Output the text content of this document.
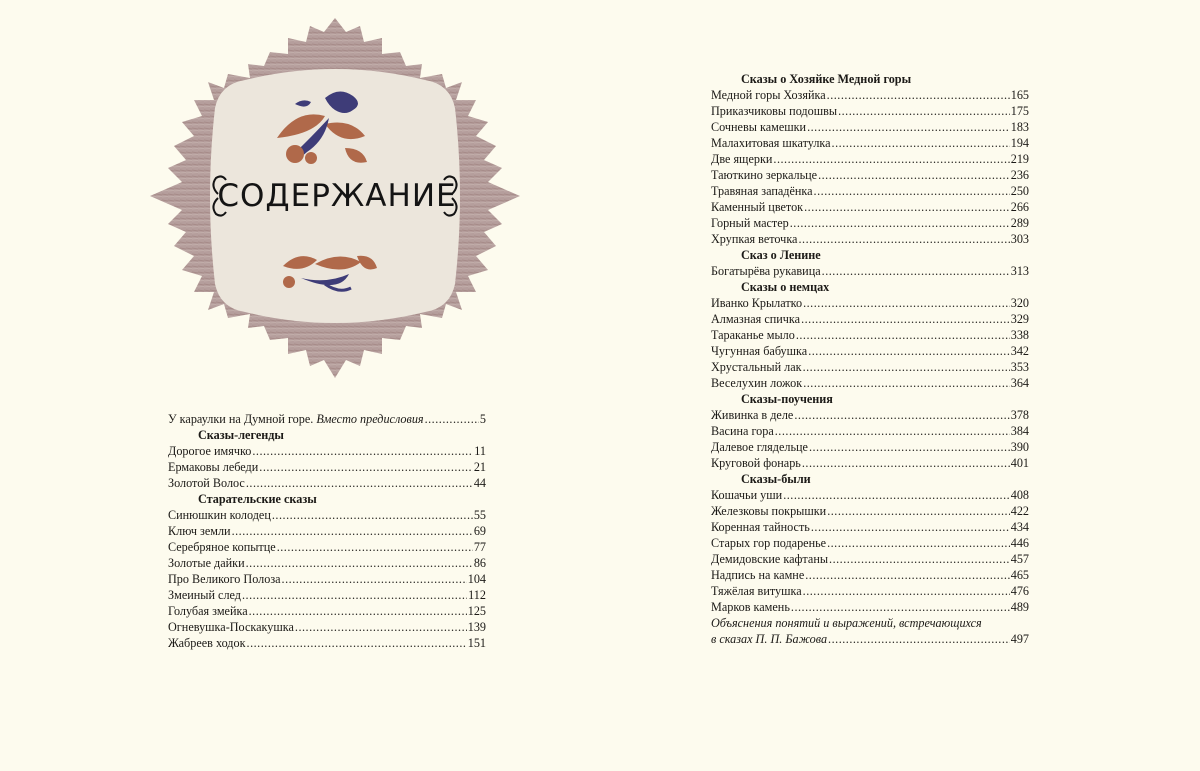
СОДЕРЖАНИЕ
У караулки на Думной горе. Вместо предисловия .....	5
Сказы-легенды
Дорогое имячко .....	11
Ермаковы лебеди .....	21
Золотой Волос .....	44
Старательские сказы
Синюшкин колодец .....	55
Ключ земли .....	69
Серебряное копытце .....	77
Золотые дайки .....	86
Про Великого Полоза .....	104
Змеиный след .....	112
Голубая змейка .....	125
Огневушка-Поскакушка .....	139
Жабреев ходок .....	151
Сказы о Хозяйке Медной горы
Медной горы Хозяйка .....	165
Приказчиковы подошвы .....	175
Сочневы камешки .....	183
Малахитовая шкатулка .....	194
Две ящерки .....	219
Таюткино зеркальце .....	236
Травяная западёнка .....	250
Каменный цветок .....	266
Горный мастер .....	289
Хрупкая веточка .....	303
Сказ о Ленине
Богатырёва рукавица .....	313
Сказы о немцах
Иванко Крылатко .....	320
Алмазная спичка .....	329
Тараканье мыло .....	338
Чугунная бабушка .....	342
Хрустальный лак .....	353
Веселухин ложок .....	364
Сказы-поучения
Живинка в деле .....	378
Васина гора .....	384
Далевое глядельце .....	390
Круговой фонарь .....	401
Сказы-были
Кошачьи уши .....	408
Железковы покрышки .....	422
Коренная тайность .....	434
Старых гор подаренье .....	446
Демидовские кафтаны .....	457
Надпись на камне .....	465
Тяжёлая витушка .....	476
Марков камень .....	489
Объяснения понятий и выражений, встречающихся
в сказах П. П. Бажова .....	497
